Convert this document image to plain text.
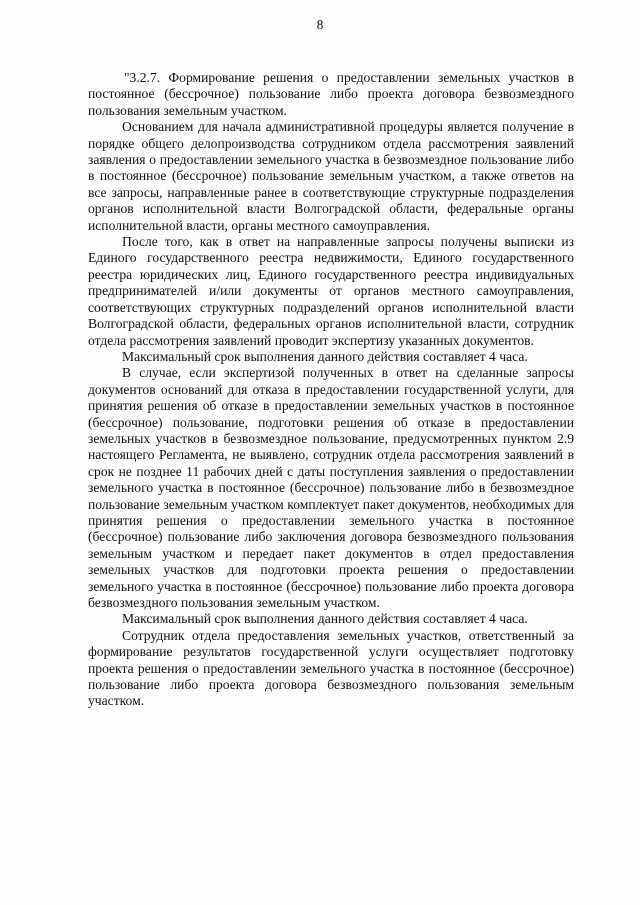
8

"3.2.7. Формирование решения о предоставлении земельных участков в постоянное (бессрочное) пользование либо проекта договора безвозмездного пользования земельным участком.

Основанием для начала административной процедуры является получение в порядке общего делопроизводства сотрудником отдела рассмотрения заявлений заявления о предоставлении земельного участка в безвозмездное пользование либо в постоянное (бессрочное) пользование земельным участком, а также ответов на все запросы, направленные ранее в соответствующие структурные подразделения органов исполнительной власти Волгоградской области, федеральные органы исполнительной власти, органы местного самоуправления.

После того, как в ответ на направленные запросы получены выписки из Единого государственного реестра недвижимости, Единого государственного реестра юридических лиц, Единого государственного реестра индивидуальных предпринимателей и/или документы от органов местного самоуправления, соответствующих структурных подразделений органов исполнительной власти Волгоградской области, федеральных органов исполнительной власти, сотрудник отдела рассмотрения заявлений проводит экспертизу указанных документов.

Максимальный срок выполнения данного действия составляет 4 часа.

В случае, если экспертизой полученных в ответ на сделанные запросы документов оснований для отказа в предоставлении государственной услуги, для принятия решения об отказе в предоставлении земельных участков в постоянное (бессрочное) пользование, подготовки решения об отказе в предоставлении земельных участков в безвозмездное пользование, предусмотренных пунктом 2.9 настоящего Регламента, не выявлено, сотрудник отдела рассмотрения заявлений в срок не позднее 11 рабочих дней с даты поступления заявления о предоставлении земельного участка в постоянное (бессрочное) пользование либо в безвозмездное пользование земельным участком комплектует пакет документов, необходимых для принятия решения о предоставлении земельного участка в постоянное (бессрочное) пользование либо заключения договора безвозмездного пользования земельным участком и передает пакет документов в отдел предоставления земельных участков для подготовки проекта решения о предоставлении земельного участка в постоянное (бессрочное) пользование либо проекта договора безвозмездного пользования земельным участком.

Максимальный срок выполнения данного действия составляет 4 часа.

Сотрудник отдела предоставления земельных участков, ответственный за формирование результатов государственной услуги осуществляет подготовку проекта решения о предоставлении земельного участка в постоянное (бессрочное) пользование либо проекта договора безвозмездного пользования земельным участком.
